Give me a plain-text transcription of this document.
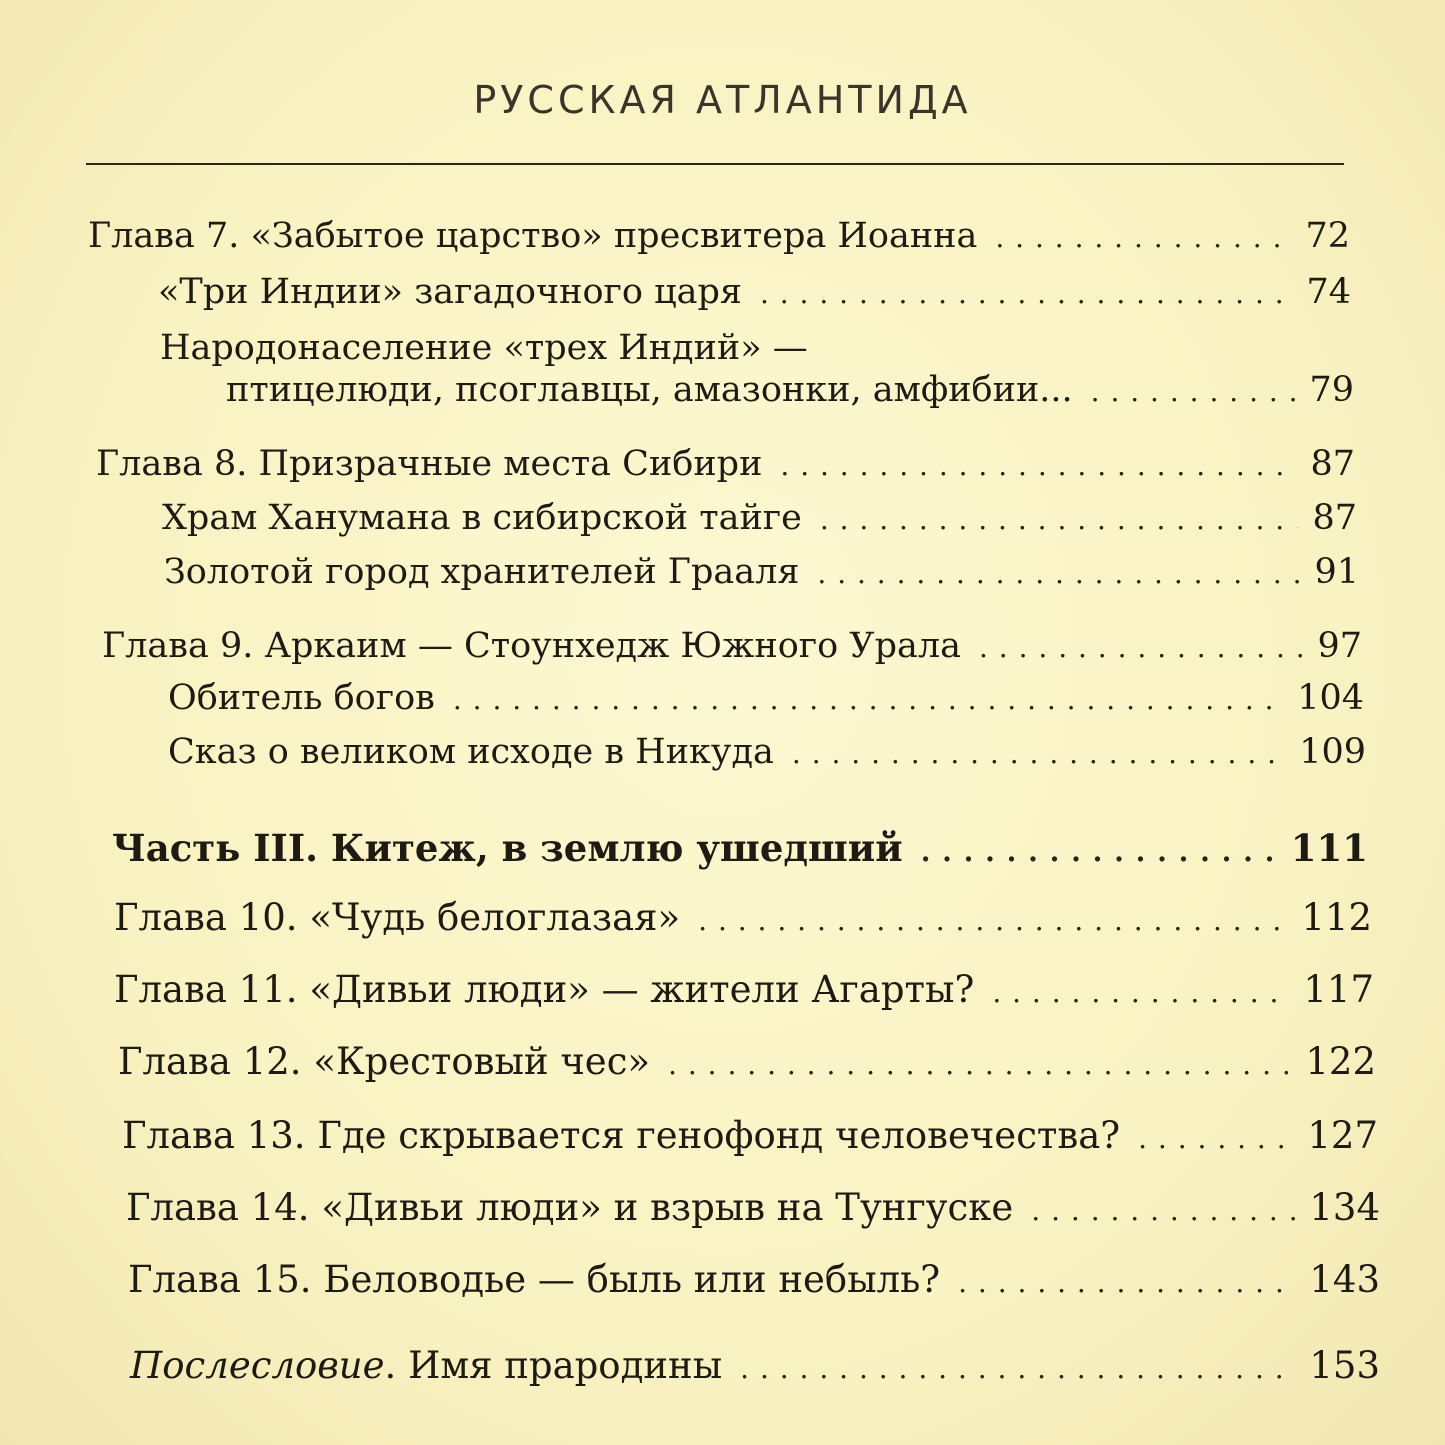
РУССКАЯ АТЛАНТИДА
Глава 7. «Забытое царство» пресвитера Иоанна . . .	72
«Три Индии» загадочного царя . . .	74
Народонаселение «трех Индий» —
птицелюди, псоглавцы, амазонки, амфибии... . . .	79
Глава 8. Призрачные места Сибири . . .	87
Храм Ханумана в сибирской тайге . . .	87
Золотой город хранителей Грааля . . .	91
Глава 9. Аркаим — Стоунхедж Южного Урала . . .	97
Обитель богов . . .	104
Сказ о великом исходе в Никуда . . .	109
Часть III. Китеж, в землю ушедший . . .	111
Глава 10. «Чудь белоглазая» . . .	112
Глава 11. «Дивьи люди» — жители Агарты? . . .	117
Глава 12. «Крестовый чес» . . .	122
Глава 13. Где скрывается генофонд человечества? . . .	127
Глава 14. «Дивьи люди» и взрыв на Тунгуске . . .	134
Глава 15. Беловодье — быль или небыль? . . .	143
Послесловие. Имя прародины . . .	153
